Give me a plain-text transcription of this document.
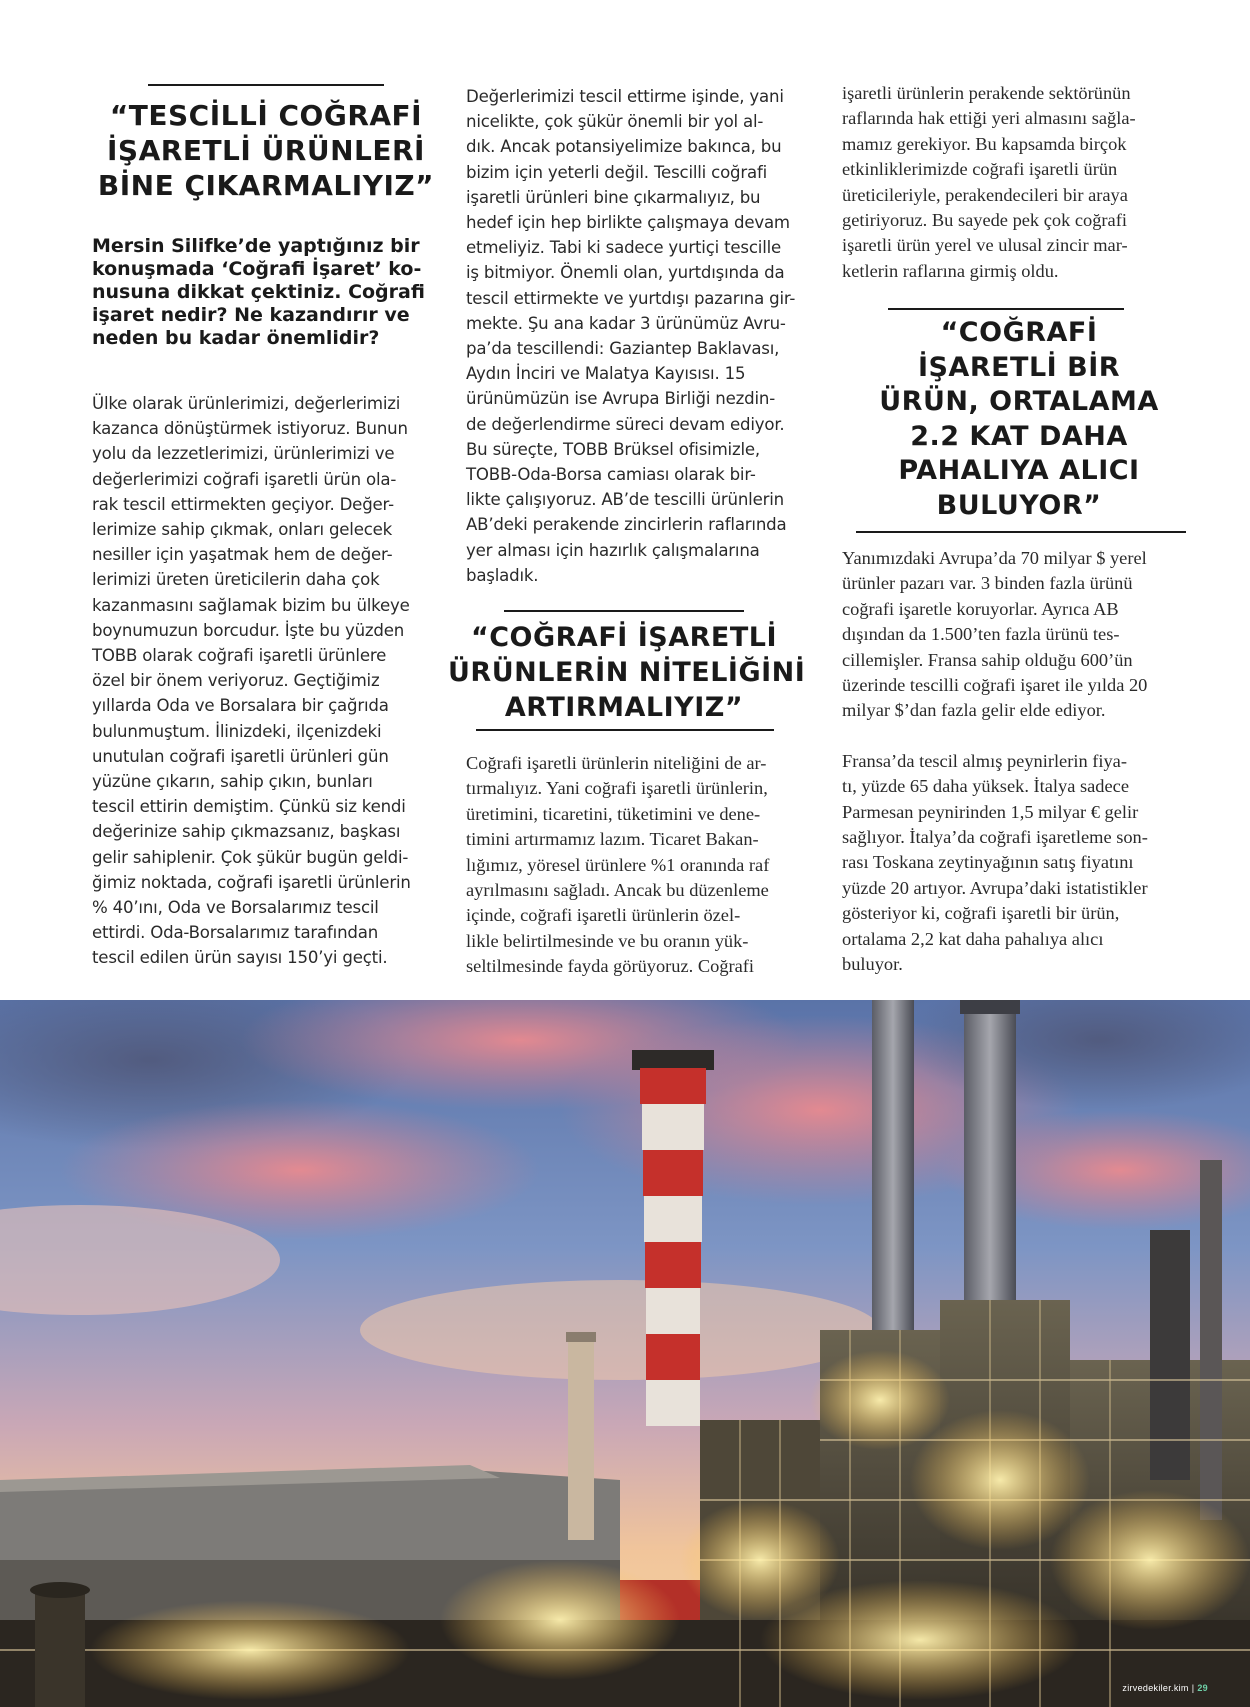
“TESCİLLİ COĞRAFİ
İŞARETLİ ÜRÜNLERİ
BİNE ÇIKARMALIYIZ”
Mersin Silifke’de yaptığınız bir
konuşmada ‘Coğrafi İşaret’ ko-
nusuna dikkat çektiniz. Coğrafi
işaret nedir? Ne kazandırır ve
neden bu kadar önemlidir?
Ülke olarak ürünlerimizi, değerlerimizi
kazanca dönüştürmek istiyoruz. Bunun
yolu da lezzetlerimizi, ürünlerimizi ve
değerlerimizi coğrafi işaretli ürün ola-
rak tescil ettirmekten geçiyor. Değer-
lerimize sahip çıkmak, onları gelecek
nesiller için yaşatmak hem de değer-
lerimizi üreten üreticilerin daha çok
kazanmasını sağlamak bizim bu ülkeye
boynumuzun borcudur. İşte bu yüzden
TOBB olarak coğrafi işaretli ürünlere
özel bir önem veriyoruz. Geçtiğimiz
yıllarda Oda ve Borsalara bir çağrıda
bulunmuştum. İlinizdeki, ilçenizdeki
unutulan coğrafi işaretli ürünleri gün
yüzüne çıkarın, sahip çıkın, bunları
tescil ettirin demiştim. Çünkü siz kendi
değerinize sahip çıkmazsanız, başkası
gelir sahiplenir. Çok şükür bugün geldi-
ğimiz noktada, coğrafi işaretli ürünlerin
% 40’ını, Oda ve Borsalarımız tescil
ettirdi. Oda-Borsalarımız tarafından
tescil edilen ürün sayısı 150’yi geçti.
Değerlerimizi tescil ettirme işinde, yani
nicelikte, çok şükür önemli bir yol al-
dık. Ancak potansiyelimize bakınca, bu
bizim için yeterli değil. Tescilli coğrafi
işaretli ürünleri bine çıkarmalıyız, bu
hedef için hep birlikte çalışmaya devam
etmeliyiz. Tabi ki sadece yurtiçi tescille
iş bitmiyor. Önemli olan, yurtdışında da
tescil ettirmekte ve yurtdışı pazarına gir-
mekte. Şu ana kadar 3 ürünümüz Avru-
pa’da tescillendi: Gaziantep Baklavası,
Aydın İnciri ve Malatya Kayısısı. 15
ürünümüzün ise Avrupa Birliği nezdin-
de değerlendirme süreci devam ediyor.
Bu süreçte, TOBB Brüksel ofisimizle,
TOBB-Oda-Borsa camiası olarak bir-
likte çalışıyoruz. AB’de tescilli ürünlerin
AB’deki perakende zincirlerin raflarında
yer alması için hazırlık çalışmalarına
başladık.
“COĞRAFİ İŞARETLİ
ÜRÜNLERİN NİTELİĞİNİ
ARTIRMALIYIZ”
Coğrafi işaretli ürünlerin niteliğini de ar-
tırmalıyız. Yani coğrafi işaretli ürünlerin,
üretimini, ticaretini, tüketimini ve dene-
timini artırmamız lazım. Ticaret Bakan-
lığımız, yöresel ürünlere %1 oranında raf
ayrılmasını sağladı. Ancak bu düzenleme
içinde, coğrafi işaretli ürünlerin özel-
likle belirtilmesinde ve bu oranın yük-
seltilmesinde fayda görüyoruz. Coğrafi
işaretli ürünlerin perakende sektörünün
raflarında hak ettiği yeri almasını sağla-
mamız gerekiyor. Bu kapsamda birçok
etkinliklerimizde coğrafi işaretli ürün
üreticileriyle, perakendecileri bir araya
getiriyoruz. Bu sayede pek çok coğrafi
işaretli ürün yerel ve ulusal zincir mar-
ketlerin raflarına girmiş oldu.
“COĞRAFİ
İŞARETLİ BİR
ÜRÜN, ORTALAMA
2.2 KAT DAHA
PAHALIYA ALICI
BULUYOR”
Yanımızdaki Avrupa’da 70 milyar $ yerel
ürünler pazarı var. 3 binden fazla ürünü
coğrafi işaretle koruyorlar. Ayrıca AB
dışından da 1.500’ten fazla ürünü tes-
cillemişler. Fransa sahip olduğu 600’ün
üzerinde tescilli coğrafi işaret ile yılda 20
milyar $’dan fazla gelir elde ediyor.
Fransa’da tescil almış peynirlerin fiya-
tı, yüzde 65 daha yüksek. İtalya sadece
Parmesan peynirinden 1,5 milyar € gelir
sağlıyor. İtalya’da coğrafi işaretleme son-
rası Toskana zeytinyağının satış fiyatını
yüzde 20 artıyor. Avrupa’daki istatistikler
gösteriyor ki, coğrafi işaretli bir ürün,
ortalama 2,2 kat daha pahalıya alıcı
buluyor.
zirvedekiler.kim | 29
